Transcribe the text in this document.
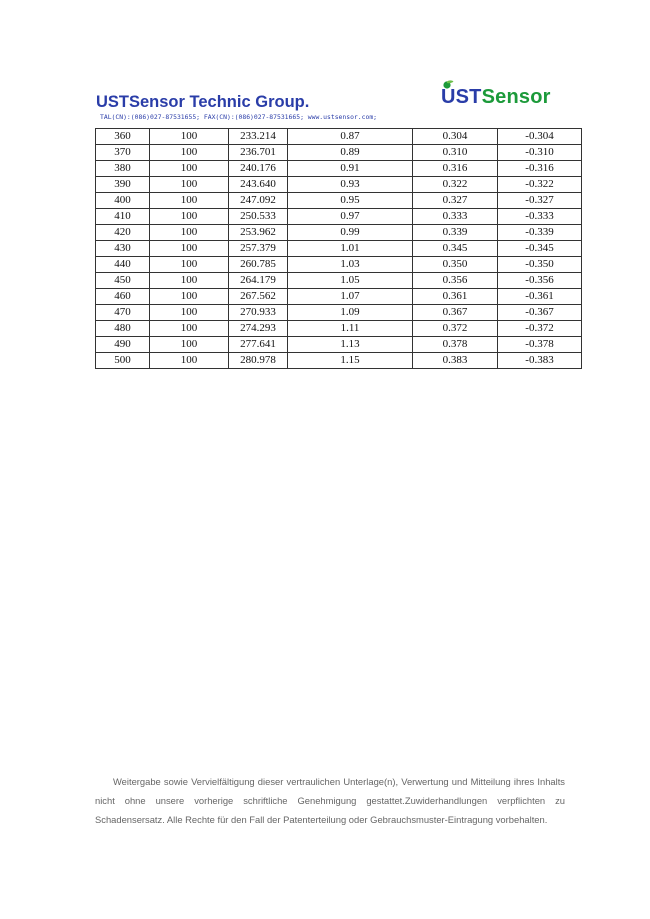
USTSensor Technic Group.
TAL(CN):(086)027-87531655; FAX(CN):(086)027-87531665; www.ustsensor.com;
USTSensor
360	100	233.214	0.87	0.304	-0.304
370	100	236.701	0.89	0.310	-0.310
380	100	240.176	0.91	0.316	-0.316
390	100	243.640	0.93	0.322	-0.322
400	100	247.092	0.95	0.327	-0.327
410	100	250.533	0.97	0.333	-0.333
420	100	253.962	0.99	0.339	-0.339
430	100	257.379	1.01	0.345	-0.345
440	100	260.785	1.03	0.350	-0.350
450	100	264.179	1.05	0.356	-0.356
460	100	267.562	1.07	0.361	-0.361
470	100	270.933	1.09	0.367	-0.367
480	100	274.293	1.11	0.372	-0.372
490	100	277.641	1.13	0.378	-0.378
500	100	280.978	1.15	0.383	-0.383

Weitergabe sowie Vervielfältigung dieser vertraulichen Unterlage(n), Verwertung und Mitteilung ihres Inhalts nicht ohne unsere vorherige schriftliche Genehmigung gestattet.Zuwiderhandlungen verpflichten zu Schadensersatz. Alle Rechte für den Fall der Patenterteilung oder Gebrauchsmuster-Eintragung vorbehalten.
